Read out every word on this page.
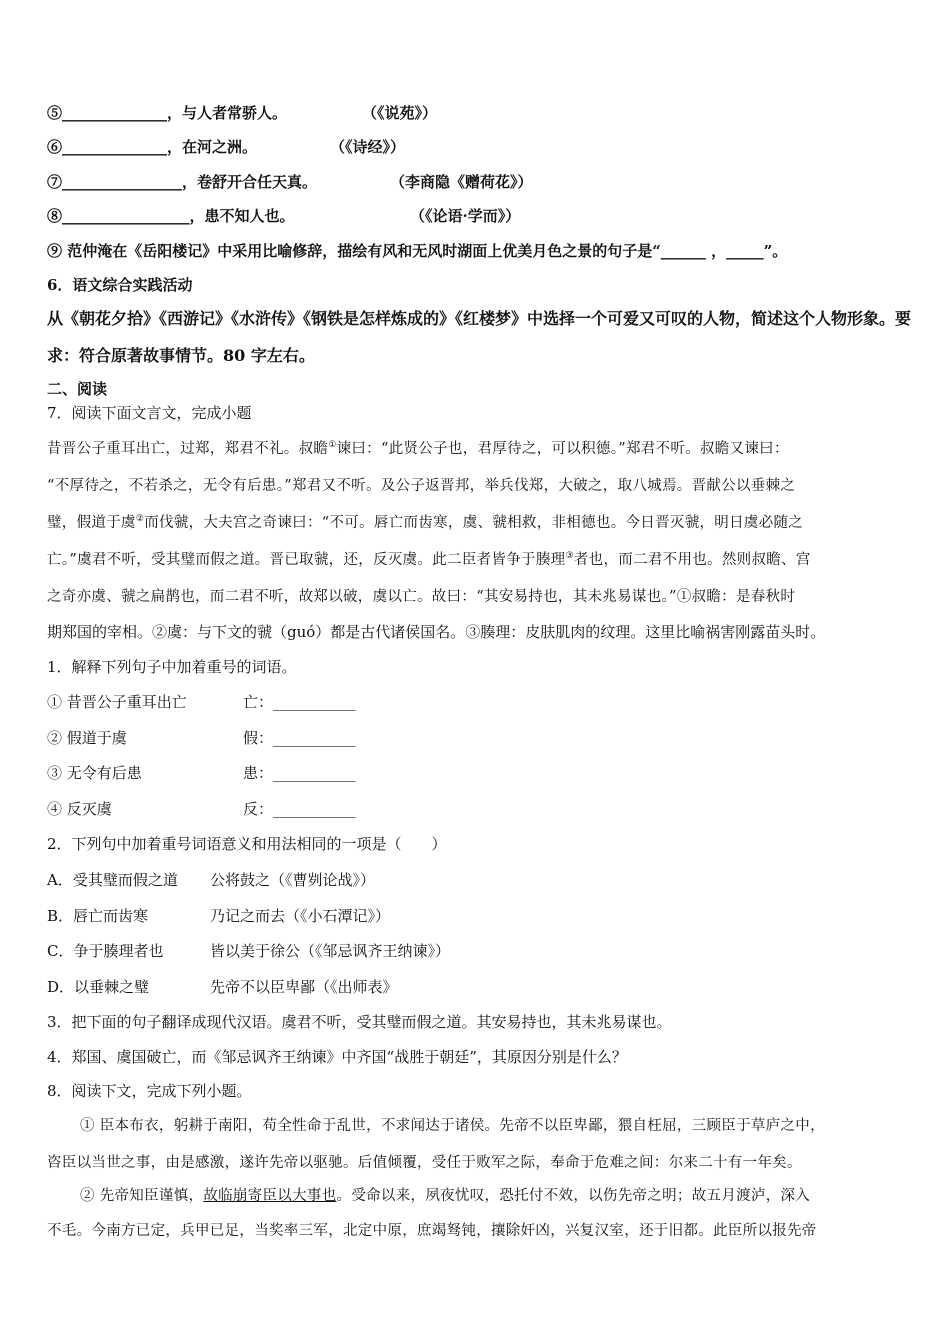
⑤______________，与人者常骄人。	（《说苑》）
⑥______________，在河之洲。	（《诗经》）
⑦________________，卷舒开合任天真。	（李商隐《赠荷花》）
⑧_________________，患不知人也。	（《论语·学而》）
⑨ 范仲淹在《岳阳楼记》中采用比喻修辞，描绘有风和无风时湖面上优美月色之景的句子是“______ ，_____”。
6．语文综合实践活动
从《朝花夕拾》《西游记》《水浒传》《钢铁是怎样炼成的》《红楼梦》中选择一个可爱又可叹的人物，简述这个人物形象。要
求：符合原著故事情节。80 字左右。
二、阅读
7．阅读下面文言文，完成小题
昔晋公子重耳出亡，过郑，郑君不礼。叔瞻①谏曰：“此贤公子也，君厚待之，可以积德。”郑君不听。叔瞻又谏曰：
“不厚待之，不若杀之，无令有后患。”郑君又不听。及公子返晋邦，举兵伐郑，大破之，取八城焉。晋献公以垂棘之
璧，假道于虞②而伐虢，大夫宫之奇谏曰：“不可。唇亡而齿寒，虞、虢相救，非相德也。今日晋灭虢，明日虞必随之
亡。”虞君不听，受其璧而假之道。晋已取虢，还，反灭虞。此二臣者皆争于腠理③者也，而二君不用也。然则叔瞻、宫
之奇亦虞、虢之扁鹊也，而二君不听，故郑以破，虞以亡。故曰：“其安易持也，其未兆易谋也。”①叔瞻：是春秋时
期郑国的宰相。②虞：与下文的虢（guó）都是古代诸侯国名。③腠理：皮肤肌肉的纹理。这里比喻祸害刚露苗头时。
1．解释下列句子中加着重号的词语。
① 昔晋公子重耳出亡	亡：___________
② 假道于虞	假：___________
③ 无令有后患	患：___________
④ 反灭虞	反：___________
2．下列句中加着重号词语意义和用法相同的一项是（　　）
A．受其璧而假之道 公将鼓之（《曹刿论战》）
B．唇亡而齿寒	乃记之而去（《小石潭记》）
C．争于腠理者也	皆以美于徐公（《邹忌讽齐王纳谏》）
D．以垂棘之璧	先帝不以臣卑鄙（《出师表》
3．把下面的句子翻译成现代汉语。虞君不听，受其璧而假之道。其安易持也，其未兆易谋也。
4．郑国、虞国破亡，而《邹忌讽齐王纳谏》中齐国“战胜于朝廷”，其原因分别是什么？
8．阅读下文，完成下列小题。
① 臣本布衣，躬耕于南阳，苟全性命于乱世，不求闻达于诸侯。先帝不以臣卑鄙，猥自枉屈，三顾臣于草庐之中，
咨臣以当世之事，由是感激，遂许先帝以驱驰。后值倾覆，受任于败军之际，奉命于危难之间：尔来二十有一年矣。
② 先帝知臣谨慎，故临崩寄臣以大事也。受命以来，夙夜忧叹，恐托付不效，以伤先帝之明；故五月渡泸，深入
不毛。今南方已定，兵甲已足，当奖率三军，北定中原，庶竭驽钝，攘除奸凶，兴复汉室，还于旧都。此臣所以报先帝
